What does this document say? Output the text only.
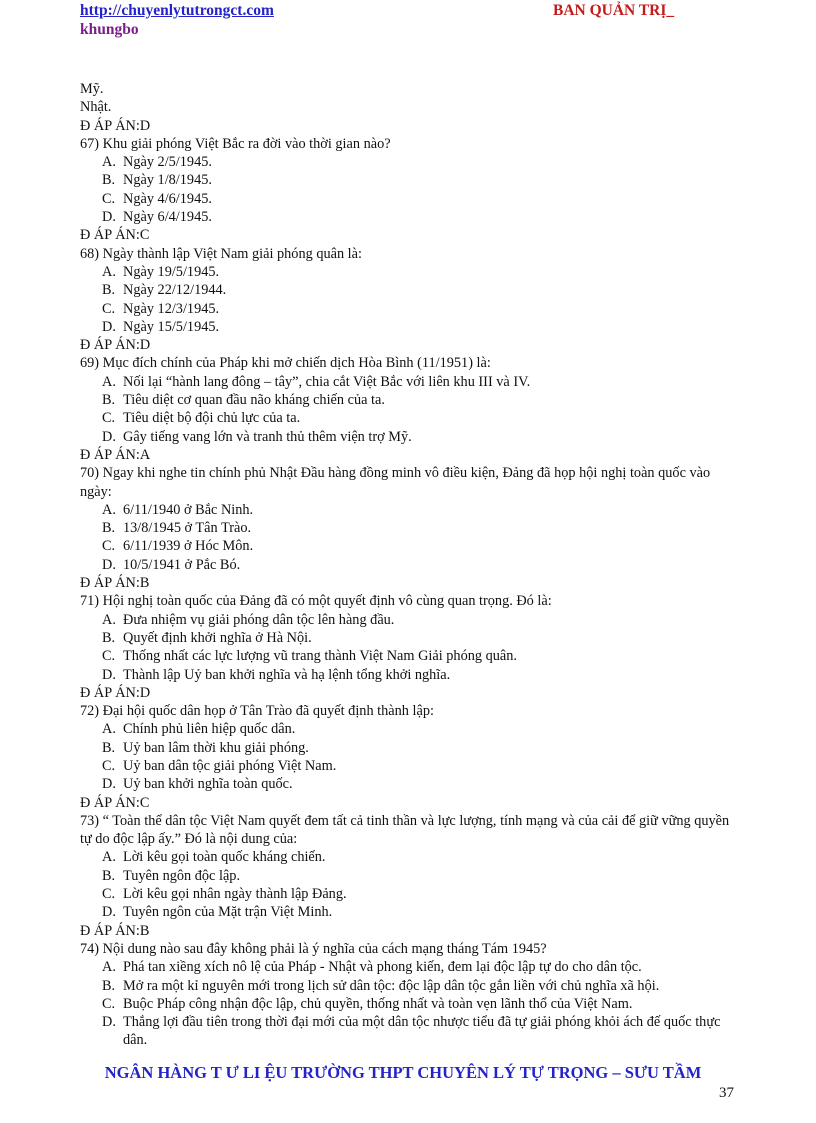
http://chuyenlytutrongct.com	BAN QUẢN TRỊ_
khungbo
Mỹ.
Nhật.
Đ ÁP ÁN:D
67) Khu giải phóng Việt Bắc ra đời vào thời gian nào?
A. Ngày 2/5/1945.
B. Ngày 1/8/1945.
C. Ngày 4/6/1945.
D. Ngày 6/4/1945.
Đ ÁP ÁN:C
68) Ngày thành lập Việt Nam giải phóng quân là:
A. Ngày 19/5/1945.
B. Ngày 22/12/1944.
C. Ngày 12/3/1945.
D. Ngày 15/5/1945.
Đ ÁP ÁN:D
69) Mục đích chính của Pháp khi mở chiến dịch Hòa Bình (11/1951) là:
A. Nối lại “hành lang đông – tây”, chia cắt Việt Bắc với liên khu III và IV.
B. Tiêu diệt cơ quan đầu não kháng chiến của ta.
C. Tiêu diệt bộ đội chủ lực của ta.
D. Gây tiếng vang lớn và tranh thủ thêm viện trợ Mỹ.
Đ ÁP ÁN:A
70) Ngay khi nghe tin chính phủ Nhật Đầu hàng đồng minh vô điều kiện, Đảng đã họp hội nghị toàn quốc vào ngày:
A. 6/11/1940 ở Bắc Ninh.
B. 13/8/1945 ở Tân Trào.
C. 6/11/1939 ở Hóc Môn.
D. 10/5/1941 ở Pắc Bó.
Đ ÁP ÁN:B
71) Hội nghị toàn quốc của Đảng đã có một quyết định vô cùng quan trọng. Đó là:
A. Đưa nhiệm vụ giải phóng dân tộc lên hàng đầu.
B. Quyết định khởi nghĩa ở Hà Nội.
C. Thống nhất các lực lượng vũ trang thành Việt Nam Giải phóng quân.
D. Thành lập Uỷ ban khởi nghĩa và hạ lệnh tổng khởi nghĩa.
Đ ÁP ÁN:D
72) Đại hội quốc dân họp ở Tân Trào đã quyết định thành lập:
A. Chính phủ liên hiệp quốc dân.
B. Uỷ ban lâm thời khu giải phóng.
C. Uỷ ban dân tộc giải phóng Việt Nam.
D. Uỷ ban khởi nghĩa toàn quốc.
Đ ÁP ÁN:C
73) “ Toàn thể dân tộc Việt Nam quyết đem tất cả tinh thần và lực lượng, tính mạng và của cải để giữ vững quyền tự do độc lập ấy.” Đó là nội dung của:
A. Lời kêu gọi toàn quốc kháng chiến.
B. Tuyên ngôn độc lập.
C. Lời kêu gọi nhân ngày thành lập Đảng.
D. Tuyên ngôn của Mặt trận Việt Minh.
Đ ÁP ÁN:B
74) Nội dung nào sau đây không phải là ý nghĩa của cách mạng tháng Tám 1945?
A. Phá tan xiềng xích nô lệ của Pháp - Nhật và phong kiến, đem lại độc lập tự do cho dân tộc.
B. Mở ra một kỉ nguyên mới trong lịch sử dân tộc: độc lập dân tộc gắn liền với chủ nghĩa xã hội.
C. Buộc Pháp công nhận độc lập, chủ quyền, thống nhất và toàn vẹn lãnh thổ của Việt Nam.
D. Thắng lợi đầu tiên trong thời đại mới của một dân tộc nhược tiểu đã tự giải phóng khỏi ách đế quốc thực dân.
NGÂN HÀNG T Ư LI ỆU TRƯỜNG THPT CHUYÊN LÝ TỰ TRỌNG – SƯU TẦM
37
